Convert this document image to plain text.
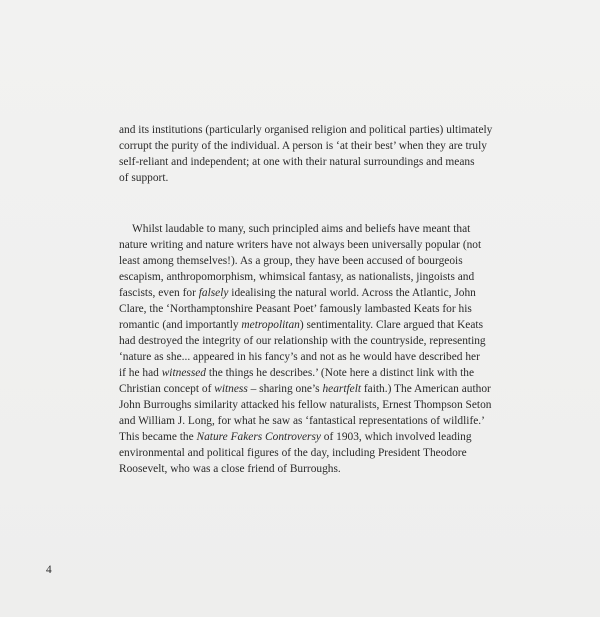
and its institutions (particularly organised religion and political parties) ultimately
corrupt the purity of the individual. A person is ‘at their best’ when they are truly
self-reliant and independent; at one with their natural surroundings and means
of support.

Whilst laudable to many, such principled aims and beliefs have meant that
nature writing and nature writers have not always been universally popular (not
least among themselves!). As a group, they have been accused of bourgeois
escapism, anthropomorphism, whimsical fantasy, as nationalists, jingoists and
fascists, even for falsely idealising the natural world. Across the Atlantic, John
Clare, the ‘Northamptonshire Peasant Poet’ famously lambasted Keats for his
romantic (and importantly metropolitan) sentimentality. Clare argued that Keats
had destroyed the integrity of our relationship with the countryside, representing
‘nature as she... appeared in his fancy’s and not as he would have described her
if he had witnessed the things he describes.’ (Note here a distinct link with the
Christian concept of witness – sharing one’s heartfelt faith.) The American author
John Burroughs similarity attacked his fellow naturalists, Ernest Thompson Seton
and William J. Long, for what he saw as ‘fantastical representations of wildlife.’
This became the Nature Fakers Controversy of 1903, which involved leading
environmental and political figures of the day, including President Theodore
Roosevelt, who was a close friend of Burroughs.

4
